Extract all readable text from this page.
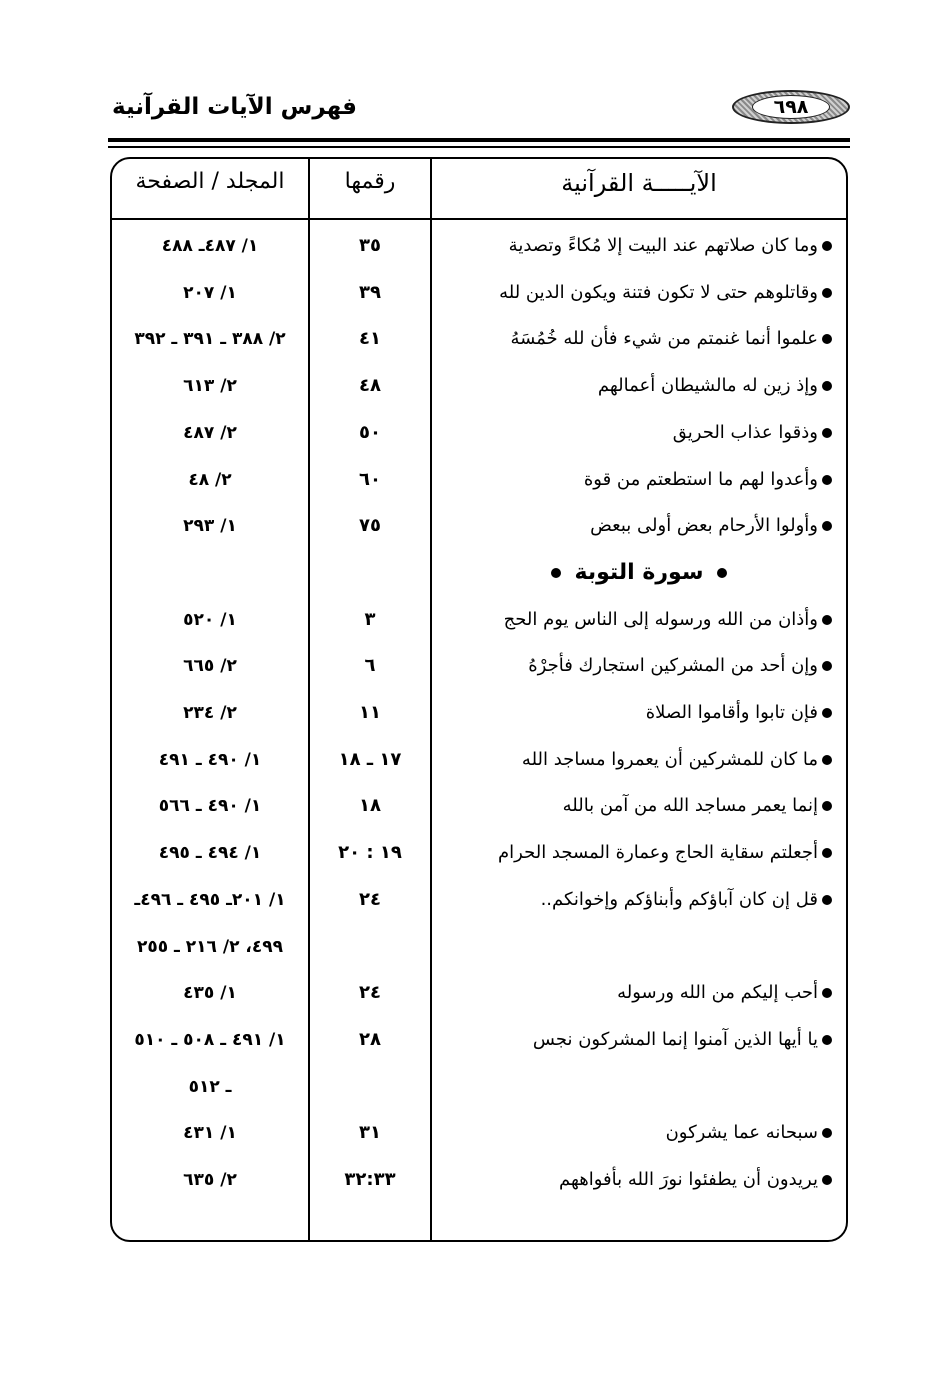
فهرس الآيات القرآنية	٦٩٨
الآيـــــة القرآنية
رقمها
المجلد / الصفحة
وما كان صلاتهم عند البيت إلا مُكاءً وتصدية
٣٥
١/ ٤٨٧ـ ٤٨٨
وقاتلوهم حتى لا تكون فتنة ويكون الدين لله
٣٩
١/ ٢٠٧
علموا أنما غنمتم من شيء فأن لله خُمُسَهُ
٤١
٢/ ٣٨٨ ـ ٣٩١ ـ ٣٩٢
وإذ زين له مالشيطان أعمالهم
٤٨
٢/ ٦١٣
وذقوا عذاب الحريق
٥٠
٢/ ٤٨٧
وأعدوا لهم ما استطعتم من قوة
٦٠
٢/ ٤٨
وأولوا الأرحام بعض أولى ببعض
٧٥
١/ ٢٩٣
سورة التوبة
وأذان من الله ورسوله إلى الناس يوم الحج
٣
١/ ٥٢٠
وإن أحد من المشركين استجارك فأجرْهُ
٦
٢/ ٦٦٥
فإن تابوا وأقاموا الصلاة
١١
٢/ ٢٣٤
ما كان للمشركين أن يعمروا مساجد الله
١٧ ـ ١٨
١/ ٤٩٠ ـ ٤٩١
إنما يعمر مساجد الله من آمن بالله
١٨
١/ ٤٩٠ ـ ٥٦٦
أجعلتم سقاية الحاج وعمارة المسجد الحرام
١٩ : ٢٠
١/ ٤٩٤ ـ ٤٩٥
قل إن كان آباؤكم وأبناؤكم وإخوانكم..
٢٤
١/ ٢٠١ـ ٤٩٥ ـ ٤٩٦ـ
٤٩٩، ٢/ ٢١٦ ـ ٢٥٥
أحب إليكم من الله ورسوله
٢٤
١/ ٤٣٥
يا أيها الذين آمنوا إنما المشركون نجس
٢٨
١/ ٤٩١ ـ ٥٠٨ ـ ٥١٠
ـ ٥١٢
سبحانه عما يشركون
٣١
١/ ٤٣١
يريدون أن يطفئوا نورَ الله بأفواههم
٣٢:٣٣
٢/ ٦٣٥
